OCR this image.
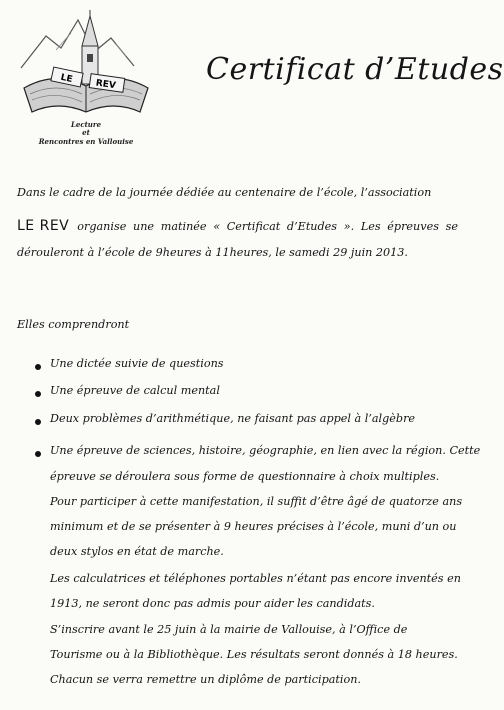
LE REV
Lecture
et
Rencontres en Vallouise
Certificat d’Etudes
Dans le cadre de la journée dédiée au centenaire de l’école, l’association
LE REV organise une matinée « Certificat d’Etudes ». Les épreuves se
dérouleront à l’école de 9heures à 11heures, le samedi 29 juin 2013.
Elles comprendront
Une dictée suivie de questions
Une épreuve de calcul mental
Deux problèmes d’arithmétique, ne faisant pas appel à l’algèbre
Une épreuve de sciences, histoire, géographie, en lien avec la région. Cette
épreuve se déroulera sous forme de questionnaire à choix multiples.
Pour participer à cette manifestation, il suffit d’être âgé de quatorze ans
minimum et de se présenter à 9 heures précises à l’école, muni d’un ou
deux stylos en état de marche.
Les calculatrices et téléphones portables n’étant pas encore inventés en
1913, ne seront donc pas admis pour aider les candidats.
S’inscrire avant le 25 juin à la mairie de Vallouise, à l’Office de
Tourisme ou à la Bibliothèque. Les résultats seront donnés à 18 heures.
Chacun se verra remettre un diplôme de participation.
